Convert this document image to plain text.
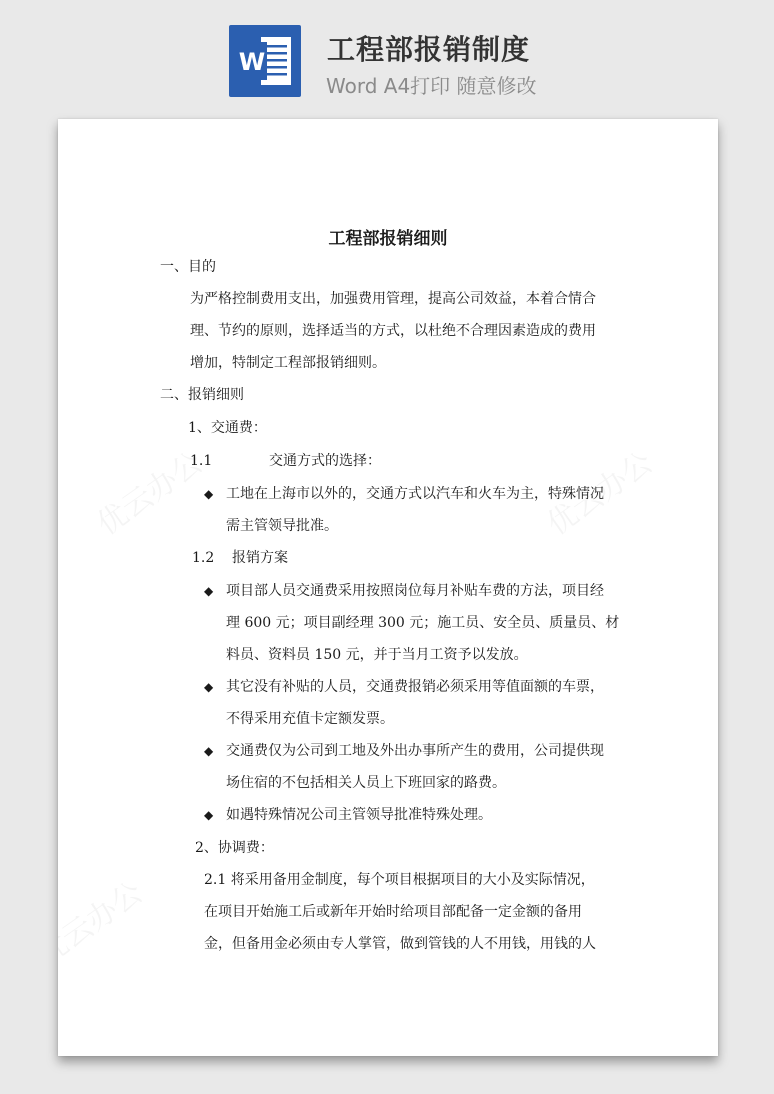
W 工程部报销制度
Word A4打印 随意修改
工程部报销细则
一、目的
为严格控制费用支出，加强费用管理，提高公司效益，本着合情合
理、节约的原则，选择适当的方式，以杜绝不合理因素造成的费用
增加，特制定工程部报销细则。
二、报销细则
1、交通费：
1.1	交通方式的选择：
◆ 工地在上海市以外的，交通方式以汽车和火车为主，特殊情况
需主管领导批准。
1.2 报销方案
◆ 项目部人员交通费采用按照岗位每月补贴车费的方法，项目经
理 600 元；项目副经理 300 元；施工员、安全员、质量员、材
料员、资料员 150 元，并于当月工资予以发放。
◆ 其它没有补贴的人员，交通费报销必须采用等值面额的车票，
不得采用充值卡定额发票。
◆ 交通费仅为公司到工地及外出办事所产生的费用，公司提供现
场住宿的不包括相关人员上下班回家的路费。
◆ 如遇特殊情况公司主管领导批准特殊处理。
2、协调费：
2.1 将采用备用金制度，每个项目根据项目的大小及实际情况，
在项目开始施工后或新年开始时给项目部配备一定金额的备用
金，但备用金必须由专人掌管，做到管钱的人不用钱，用钱的人
